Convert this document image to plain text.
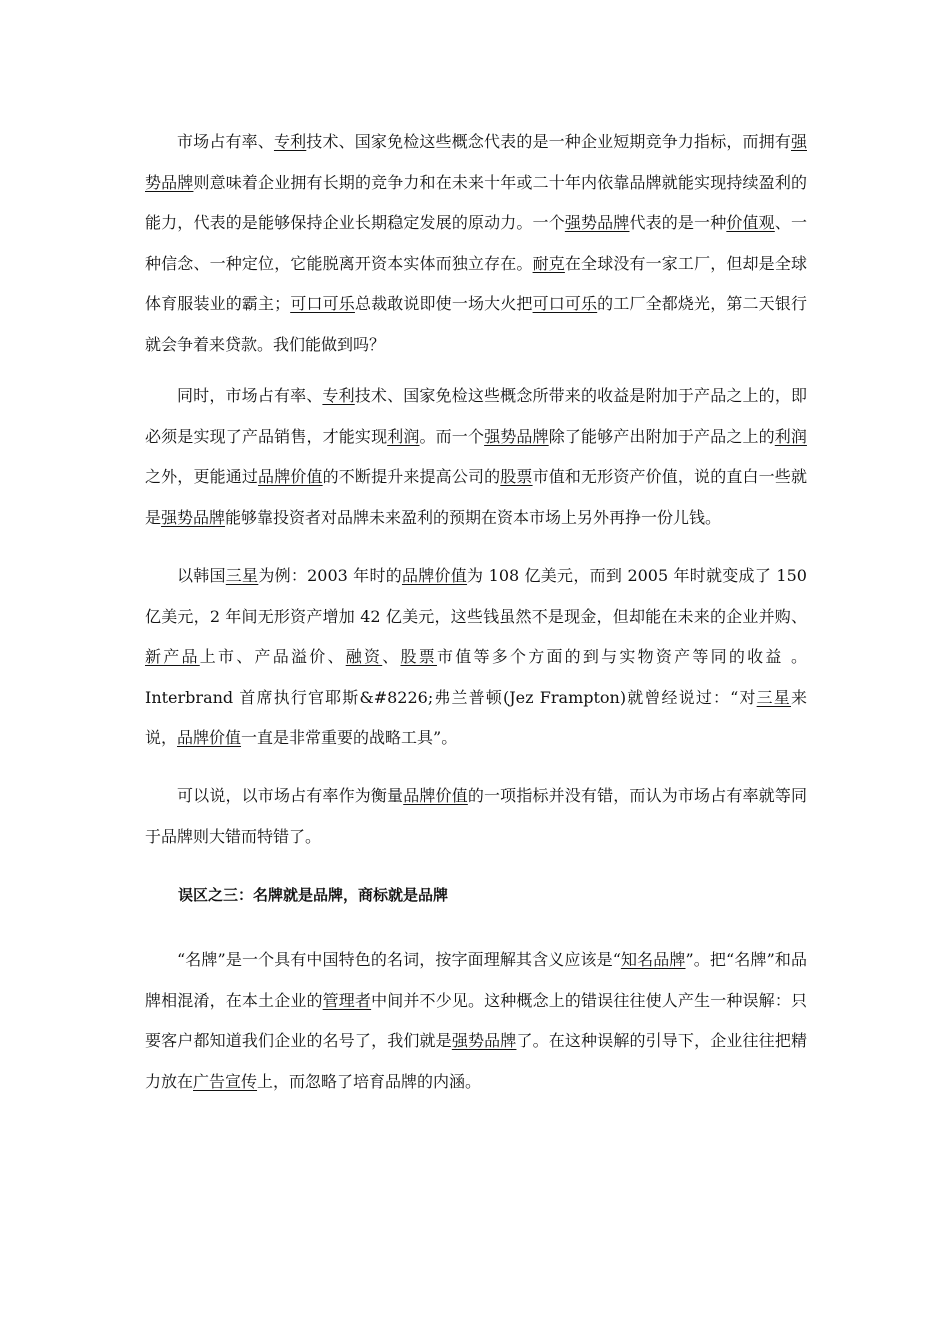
市场占有率、专利技术、国家免检这些概念代表的是一种企业短期竞争力指标，而拥有强势品牌则意味着企业拥有长期的竞争力和在未来十年或二十年内依靠品牌就能实现持续盈利的能力，代表的是能够保持企业长期稳定发展的原动力。一个强势品牌代表的是一种价值观、一种信念、一种定位，它能脱离开资本实体而独立存在。耐克在全球没有一家工厂，但却是全球体育服装业的霸主；可口可乐总裁敢说即使一场大火把可口可乐的工厂全都烧光，第二天银行就会争着来贷款。我们能做到吗？

同时，市场占有率、专利技术、国家免检这些概念所带来的收益是附加于产品之上的，即必须是实现了产品销售，才能实现利润。而一个强势品牌除了能够产出附加于产品之上的利润之外，更能通过品牌价值的不断提升来提高公司的股票市值和无形资产价值，说的直白一些就是强势品牌能够靠投资者对品牌未来盈利的预期在资本市场上另外再挣一份儿钱。

以韩国三星为例：2003 年时的品牌价值为 108 亿美元，而到 2005 年时就变成了 150 亿美元，2 年间无形资产增加 42 亿美元，这些钱虽然不是现金，但却能在未来的企业并购、新产品上市、产品溢价、融资、股票市值等多个方面的到与实物资产等同的收益 。Interbrand 首席执行官耶斯&#8226;弗兰普顿(Jez Frampton)就曾经说过：“对三星来说，品牌价值一直是非常重要的战略工具”。

可以说，以市场占有率作为衡量品牌价值的一项指标并没有错，而认为市场占有率就等同于品牌则大错而特错了。

误区之三：名牌就是品牌，商标就是品牌

“名牌”是一个具有中国特色的名词，按字面理解其含义应该是“知名品牌”。把“名牌”和品牌相混淆，在本土企业的管理者中间并不少见。这种概念上的错误往往使人产生一种误解：只要客户都知道我们企业的名号了，我们就是强势品牌了。在这种误解的引导下，企业往往把精力放在广告宣传上，而忽略了培育品牌的内涵。
